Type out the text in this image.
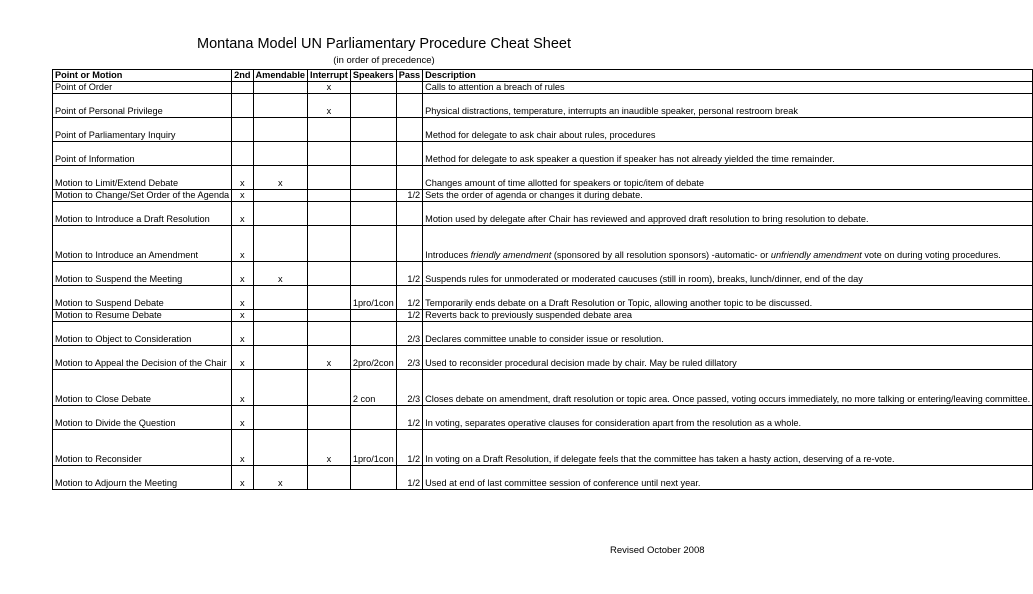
Montana Model UN Parliamentary Procedure Cheat Sheet
(in order of precedence)
Point or Motion	2nd	Amendable	Interrupt	Speakers	Pass	Description
Point of Order			x			Calls to attention a breach of rules
Point of Personal Privilege			x			Physical distractions, temperature, interrupts an inaudible speaker, personal restroom break
Point of Parliamentary Inquiry						Method for delegate to ask chair about rules, procedures
Point of Information						Method for delegate to ask speaker a question if speaker has not already yielded the time remainder.
Motion to Limit/Extend Debate	x	x				Changes amount of time allotted for speakers or topic/item of debate
Motion to Change/Set Order of the Agenda	x				1/2	Sets the order of agenda or changes it during debate.
Motion to Introduce a Draft Resolution	x					Motion used by delegate after Chair has reviewed and approved draft resolution to bring resolution to debate.
Motion to Introduce an Amendment	x					Introduces friendly amendment (sponsored by all resolution sponsors) -automatic- or unfriendly amendment vote on during voting procedures.
Motion to Suspend the Meeting	x	x			1/2	Suspends rules for unmoderated or moderated caucuses (still in room), breaks, lunch/dinner, end of the day
Motion to Suspend Debate	x			1pro/1con	1/2	Temporarily ends debate on a Draft Resolution or Topic, allowing another topic to be discussed.
Motion to Resume Debate	x				1/2	Reverts back to previously suspended debate area
Motion to Object to Consideration	x				2/3	Declares committee unable to consider issue or resolution.
Motion to Appeal the Decision of the Chair	x		x	2pro/2con	2/3	Used to reconsider procedural decision made by chair. May be ruled dillatory
Motion to Close Debate	x			2 con	2/3	Closes debate on amendment, draft resolution or topic area. Once passed, voting occurs immediately, no more talking or entering/leaving committee.
Motion to Divide the Question	x				1/2	In voting, separates operative clauses for consideration apart from the resolution as a whole.
Motion to Reconsider	x		x	1pro/1con	1/2	In voting on a Draft Resolution, if delegate feels that the committee has taken a hasty action, deserving of a re-vote.
Motion to Adjourn the Meeting	x	x			1/2	Used at end of last committee session of conference until next year.
Revised October 2008
